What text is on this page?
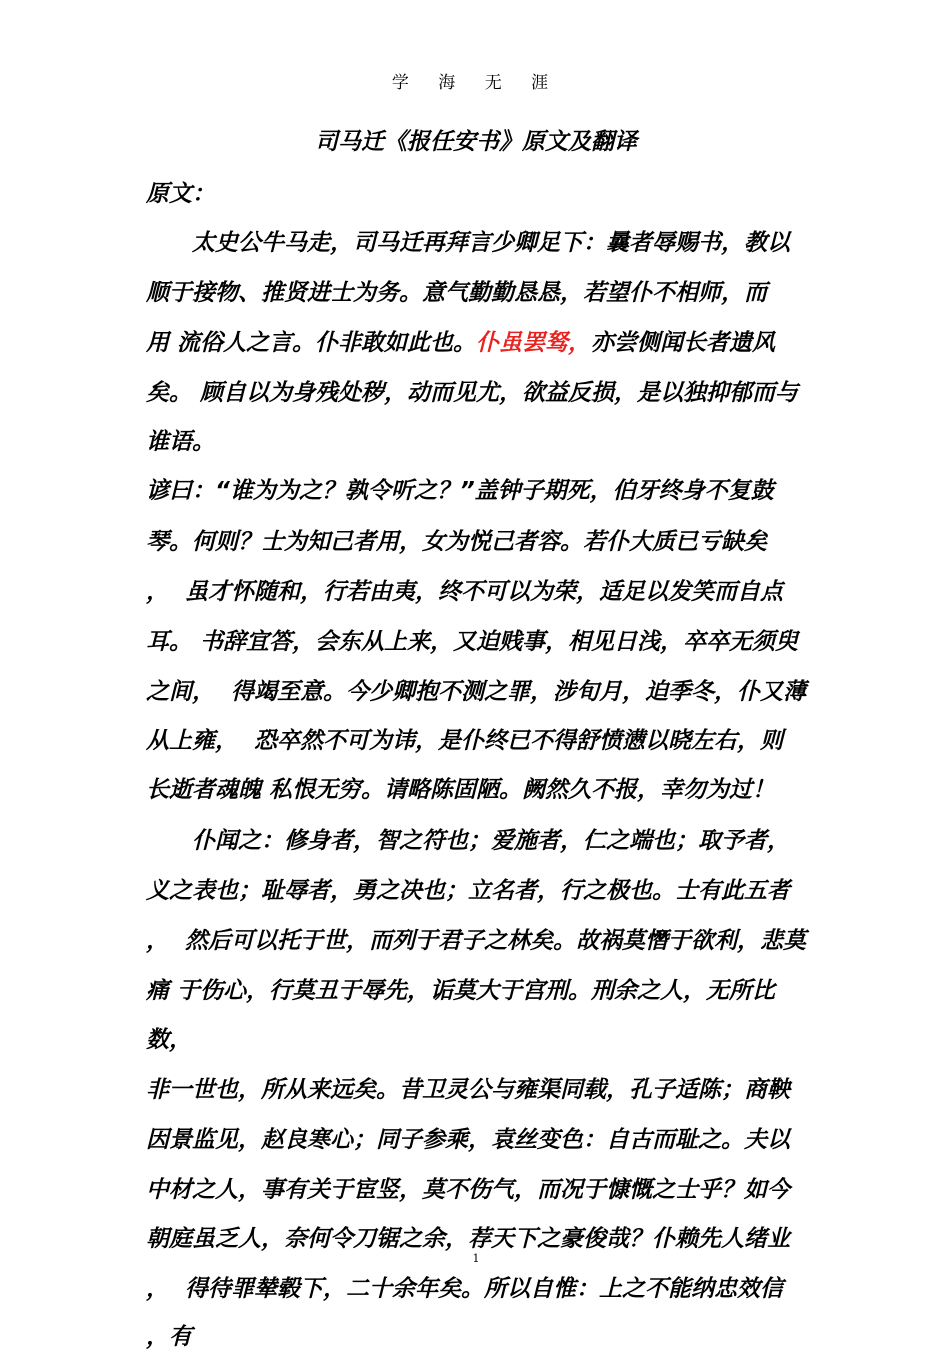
学 海 无 涯
司马迁《报任安书》原文及翻译
原文：
　　太史公牛马走，司马迁再拜言少卿足下：曩者辱赐书，教以
顺于接物、推贤进士为务。意气勤勤恳恳，若望仆不相师，而
用 流俗人之言。仆非敢如此也。仆虽罢驽，亦尝侧闻长者遗风
矣。 顾自以为身残处秽，动而见尤，欲益反损，是以独抑郁而与
谁语。
谚曰：“谁为为之？孰令听之？”盖钟子期死，伯牙终身不复鼓
琴。何则？士为知己者用，女为悦己者容。若仆大质已亏缺矣
，  虽才怀随和，行若由夷，终不可以为荣，适足以发笑而自点
耳。 书辞宜答，会东从上来，又迫贱事，相见日浅，卒卒无须臾
之间，  得竭至意。今少卿抱不测之罪，涉旬月，迫季冬，仆又薄
从上雍，  恐卒然不可为讳，是仆终已不得舒愤懑以晓左右，则
长逝者魂魄 私恨无穷。请略陈固陋。阙然久不报，幸勿为过！
　　仆闻之：修身者，智之符也；爱施者，仁之端也；取予者，
义之表也；耻辱者，勇之决也；立名者，行之极也。士有此五者
，  然后可以托于世，而列于君子之林矣。故祸莫憯于欲利，悲莫
痛 于伤心，行莫丑于辱先，诟莫大于宫刑。刑余之人，无所比
数，
非一世也，所从来远矣。昔卫灵公与雍渠同载，孔子适陈；商鞅
因景监见，赵良寒心；同子参乘，袁丝变色：自古而耻之。夫以
中材之人，事有关于宦竖，莫不伤气，而况于慷慨之士乎？如今
朝庭虽乏人，奈何令刀锯之余，荐天下之豪俊哉？仆赖先人绪业
，  得待罪辇毂下，二十余年矣。所以自惟：上之不能纳忠效信
，有
1
